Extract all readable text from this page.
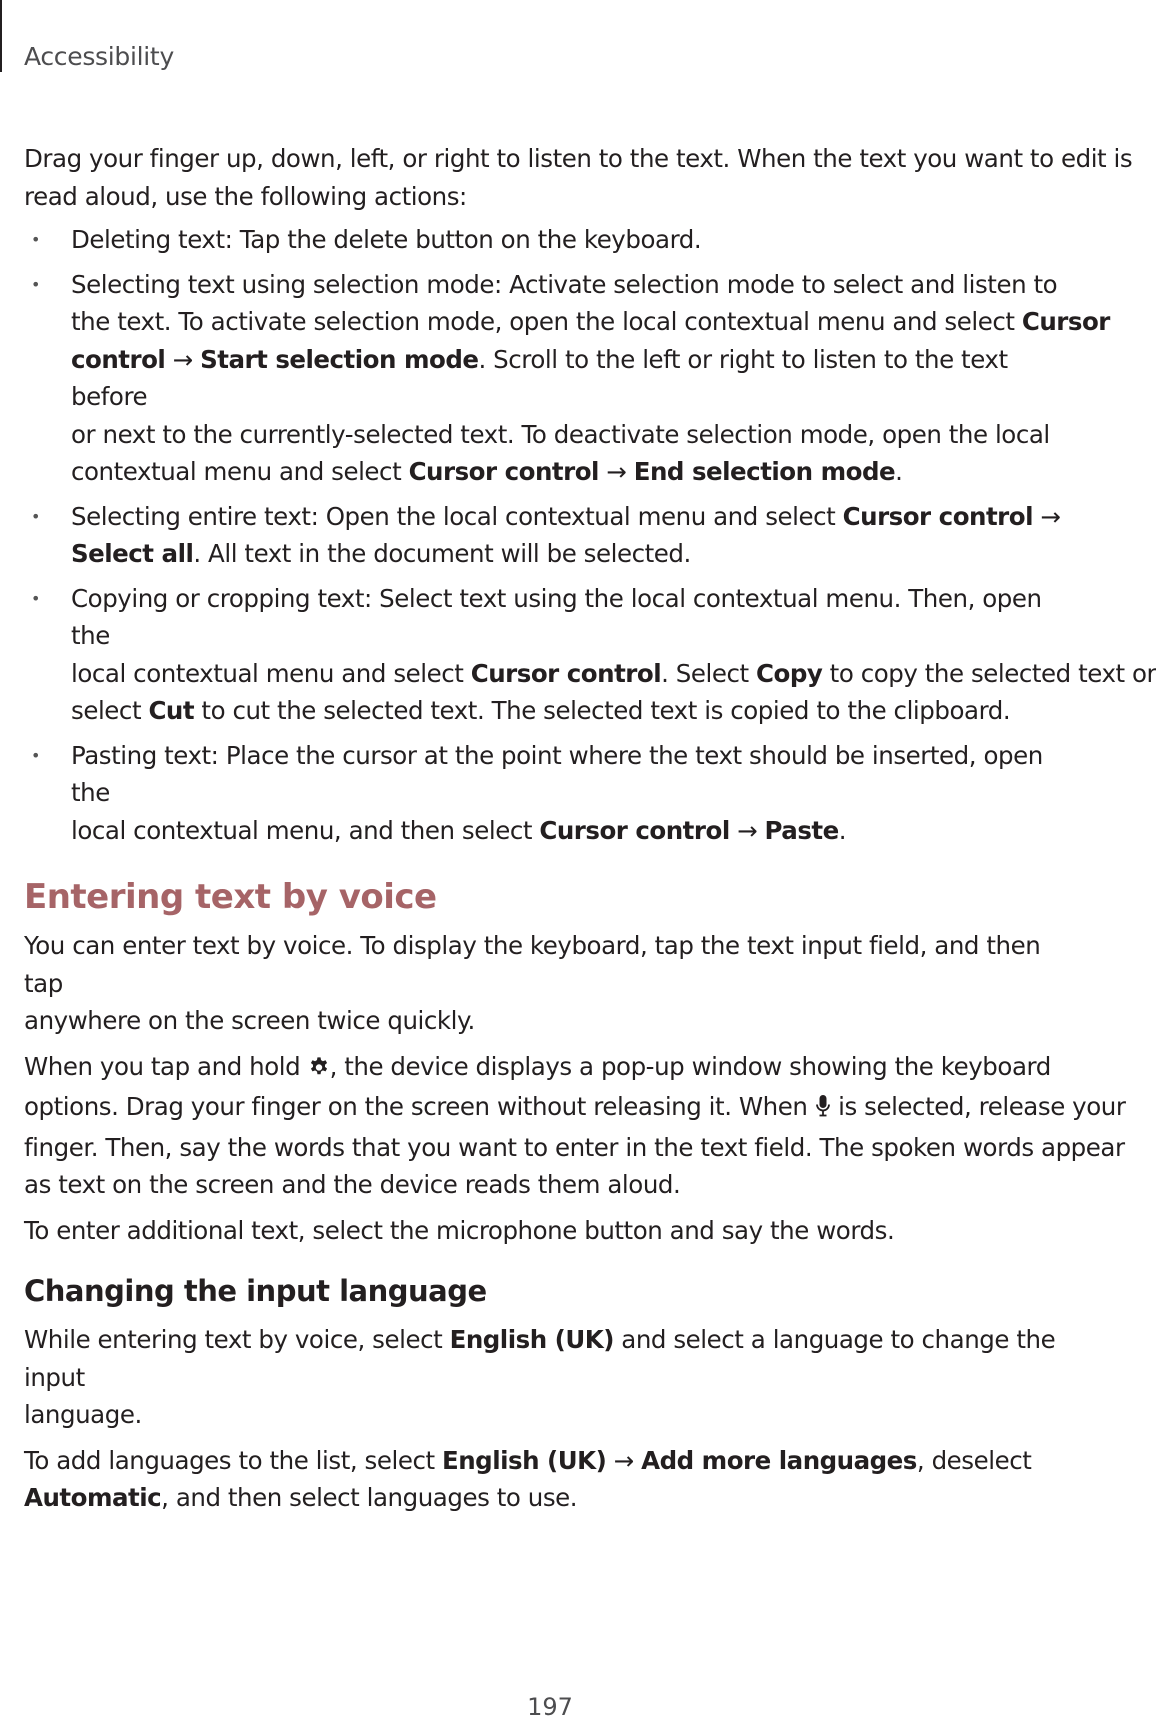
Accessibility

Drag your finger up, down, left, or right to listen to the text. When the text you want to edit is
read aloud, use the following actions:

• Deleting text: Tap the delete button on the keyboard.

• Selecting text using selection mode: Activate selection mode to select and listen to
the text. To activate selection mode, open the local contextual menu and select Cursor
control → Start selection mode. Scroll to the left or right to listen to the text before
or next to the currently-selected text. To deactivate selection mode, open the local
contextual menu and select Cursor control → End selection mode.

• Selecting entire text: Open the local contextual menu and select Cursor control →
Select all. All text in the document will be selected.

• Copying or cropping text: Select text using the local contextual menu. Then, open the
local contextual menu and select Cursor control. Select Copy to copy the selected text or
select Cut to cut the selected text. The selected text is copied to the clipboard.

• Pasting text: Place the cursor at the point where the text should be inserted, open the
local contextual menu, and then select Cursor control → Paste.

Entering text by voice

You can enter text by voice. To display the keyboard, tap the text input field, and then tap
anywhere on the screen twice quickly.

When you tap and hold , the device displays a pop-up window showing the keyboard
options. Drag your finger on the screen without releasing it. When  is selected, release your
finger. Then, say the words that you want to enter in the text field. The spoken words appear
as text on the screen and the device reads them aloud.

To enter additional text, select the microphone button and say the words.

Changing the input language

While entering text by voice, select English (UK) and select a language to change the input
language.

To add languages to the list, select English (UK) → Add more languages, deselect
Automatic, and then select languages to use.

197
